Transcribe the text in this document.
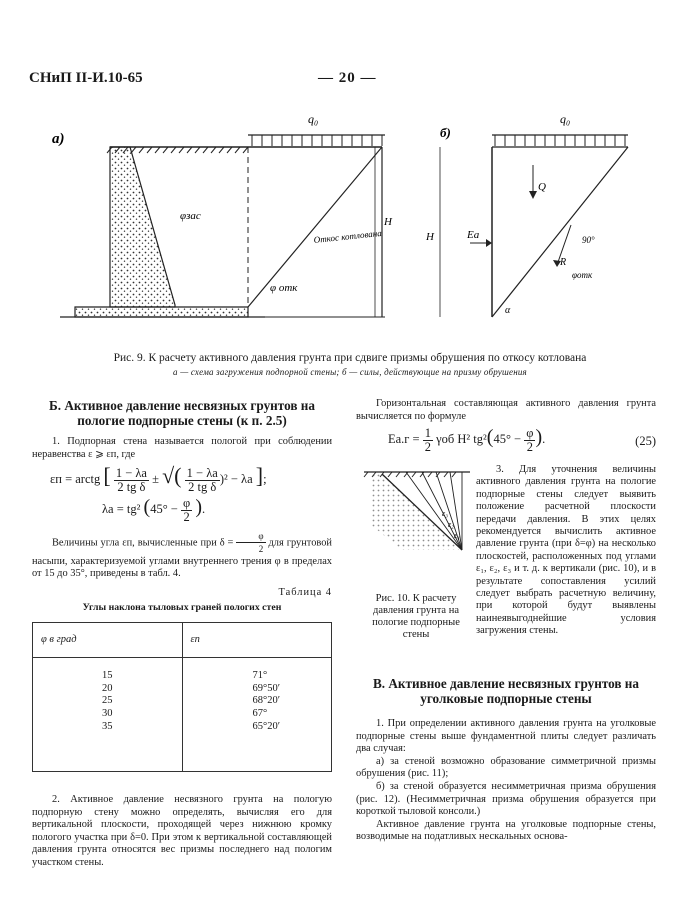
СНиП II-И.10-65	— 20 —
а)
q₀
φзас
φ отк
Откос котлована
H
б)
q₀
H
Q
Eа
R
90°
φотк
α
Рис. 9. К расчету активного давления грунта при сдвиге призмы обрушения по откосу котлована
а — схема загружения подпорной стены; б — силы, действующие на призму обрушения
Б. Активное давление несвязных грунтов на пологие подпорные стены (к п. 2.5)
1. Подпорная стена называется пологой при соблюдении неравенства ε ⩾ εп, где
εп = arctg [ $\frac{1 - \lambda а}{\text{2 tg δ}}$ ± √( $\frac{1 - \lambda а}{\text{2 tg δ}} )^2 - \lambda а$ ];
λа = tg² ($45^\circ - \frac{\varphi}{2}$ ).
Величины угла εп, вычисленные при $\delta = \frac{\varphi}{2}$ для грунтовой насыпи, характеризуемой углами внутреннего трения φ в пределах от 15 до 35°, приведены в табл. 4.
Таблица 4
Углы наклона тыловых граней пологих стен
φ в град	εп
15	71°
20	69°50′
25	68°20′
30	67°
35	65°20′
2. Активное давление несвязного грунта на пологую подпорную стену можно определять, вычисляя его для вертикальной плоскости, проходящей через нижнюю кромку пологого участка при δ=0. При этом к вертикальной составляющей давления грунта относятся вес призмы последнего над пологим участком стены.
Горизонтальная составляющая активного давления грунта вычисляется по формуле
$Eа.г = \frac{1}{2}$ γоб H² $tg^2(45^\circ - \frac{\varphi}{2}$ ).	(25)
ε₃
ε₂
ε₁
Рис. 10. К расчету давления грунта на пологие подпорные стены
3. Для уточнения величины активного давления грунта на пологие подпорные стены следует выявить положение расчетной плоскости передачи давления. В этих целях рекомендуется вычислить активное давление грунта (при δ=φ) на несколько плоскостей, расположенных под углами ε₁, ε₂, ε₃ и т. д. к вертикали (рис. 10), и в результате сопоставления усилий следует выбрать расчетную величину, при которой будут выявлены наинеявыгоднейшие условия загружения стены.
В. Активное давление несвязных грунтов на уголковые подпорные стены
1. При определении активного давления грунта на уголковые подпорные стены выше фундаментной плиты следует различать два случая:
а) за стеной возможно образование симметричной призмы обрушения (рис. 11);
б) за стеной образуется несимметричная призма обрушения (рис. 12). (Несимметричная призма обрушения образуется при короткой тыловой консоли.)
Активное давление грунта на уголковые подпорные стены, возводимые на податливых нескальных основа-
